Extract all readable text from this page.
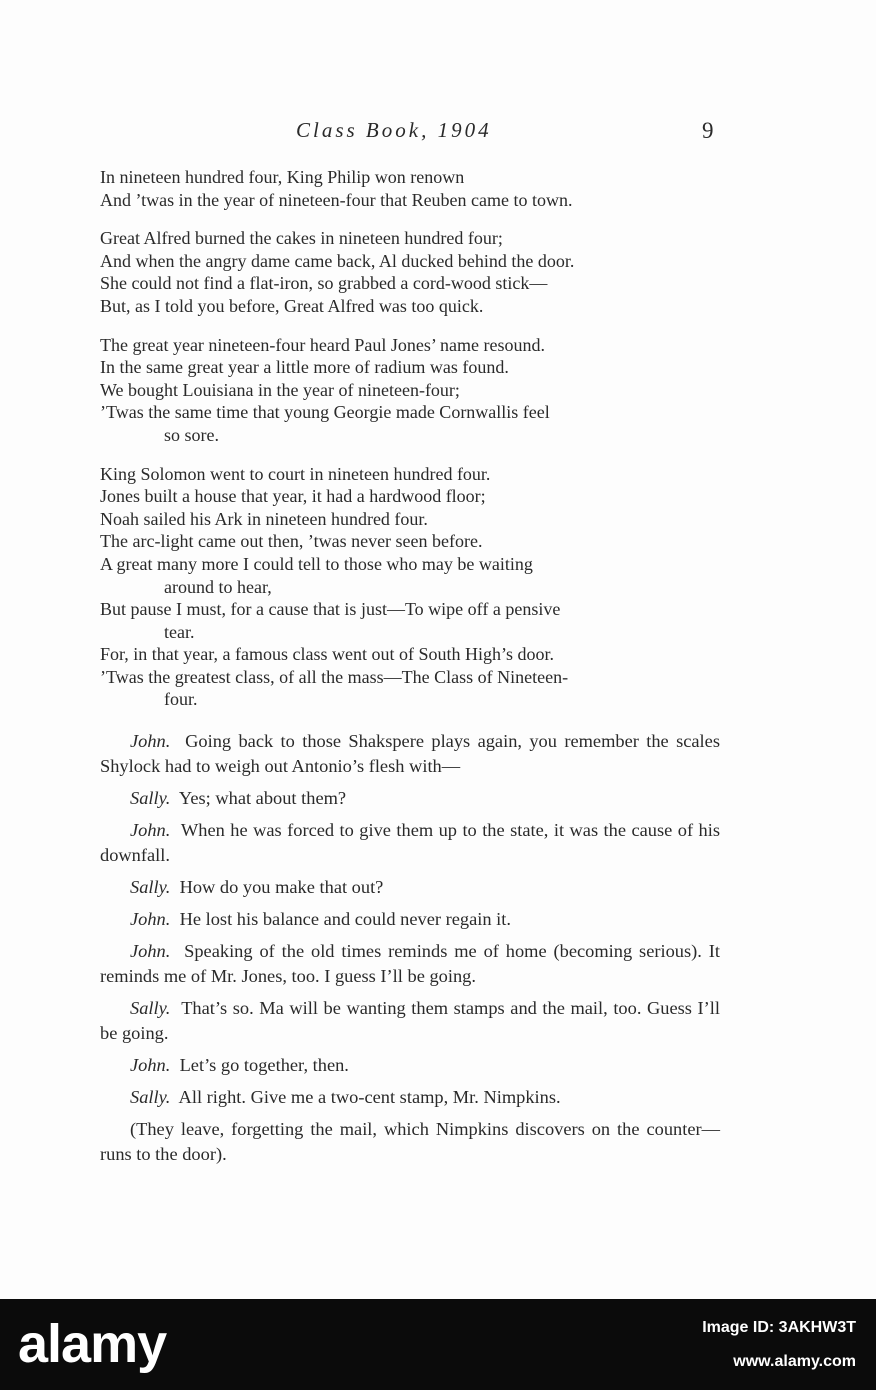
Class Book, 1904	9
In nineteen hundred four, King Philip won renown
And ’twas in the year of nineteen-four that Reuben came to town.
Great Alfred burned the cakes in nineteen hundred four;
And when the angry dame came back, Al ducked behind the door.
She could not find a flat-iron, so grabbed a cord-wood stick—
But, as I told you before, Great Alfred was too quick.
The great year nineteen-four heard Paul Jones’ name resound.
In the same great year a little more of radium was found.
We bought Louisiana in the year of nineteen-four;
’Twas the same time that young Georgie made Cornwallis feel
so sore.
King Solomon went to court in nineteen hundred four.
Jones built a house that year, it had a hardwood floor;
Noah sailed his Ark in nineteen hundred four.
The arc-light came out then, ’twas never seen before.
A great many more I could tell to those who may be waiting
around to hear,
But pause I must, for a cause that is just—To wipe off a pensive
tear.
For, in that year, a famous class went out of South High’s door.
’Twas the greatest class, of all the mass—The Class of Nineteen-
four.

John. Going back to those Shakspere plays again, you remember the scales Shylock had to weigh out Antonio’s flesh with—

Sally. Yes; what about them?

John. When he was forced to give them up to the state, it was the cause of his downfall.

Sally. How do you make that out?

John. He lost his balance and could never regain it.

John. Speaking of the old times reminds me of home (becoming serious). It reminds me of Mr. Jones, too. I guess I’ll be going.

Sally. That’s so. Ma will be wanting them stamps and the mail, too. Guess I’ll be going.

John. Let’s go together, then.

Sally. All right. Give me a two-cent stamp, Mr. Nimpkins.

(They leave, forgetting the mail, which Nimpkins discovers on the counter—runs to the door).

alamy	Image ID: 3AKHW3T
www.alamy.com
